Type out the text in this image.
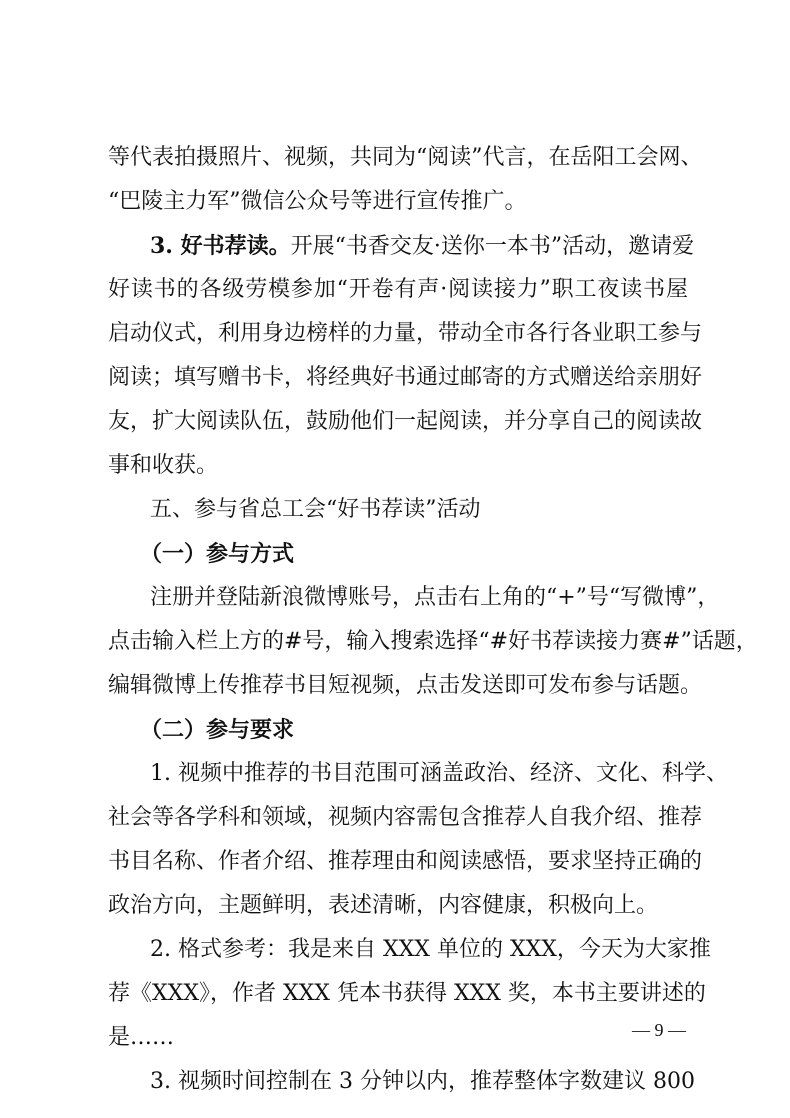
等代表拍摄照片、视频，共同为“阅读”代言，在岳阳工会网、
“巴陵主力军”微信公众号等进行宣传推广。
3. 好书荐读。开展“书香交友·送你一本书”活动，邀请爱
好读书的各级劳模参加“开卷有声·阅读接力”职工夜读书屋
启动仪式，利用身边榜样的力量，带动全市各行各业职工参与
阅读；填写赠书卡，将经典好书通过邮寄的方式赠送给亲朋好
友，扩大阅读队伍，鼓励他们一起阅读，并分享自己的阅读故
事和收获。
五、参与省总工会“好书荐读”活动
（一）参与方式
注册并登陆新浪微博账号，点击右上角的“+”号“写微博”，
点击输入栏上方的#号，输入搜索选择“#好书荐读接力赛#”话题，
编辑微博上传推荐书目短视频，点击发送即可发布参与话题。
（二）参与要求
1. 视频中推荐的书目范围可涵盖政治、经济、文化、科学、
社会等各学科和领域，视频内容需包含推荐人自我介绍、推荐
书目名称、作者介绍、推荐理由和阅读感悟，要求坚持正确的
政治方向，主题鲜明，表述清晰，内容健康，积极向上。
2. 格式参考：我是来自 XXX 单位的 XXX，今天为大家推
荐《XXX》，作者 XXX 凭本书获得 XXX 奖，本书主要讲述的
是……
3. 视频时间控制在 3 分钟以内，推荐整体字数建议 800
— 9 —
